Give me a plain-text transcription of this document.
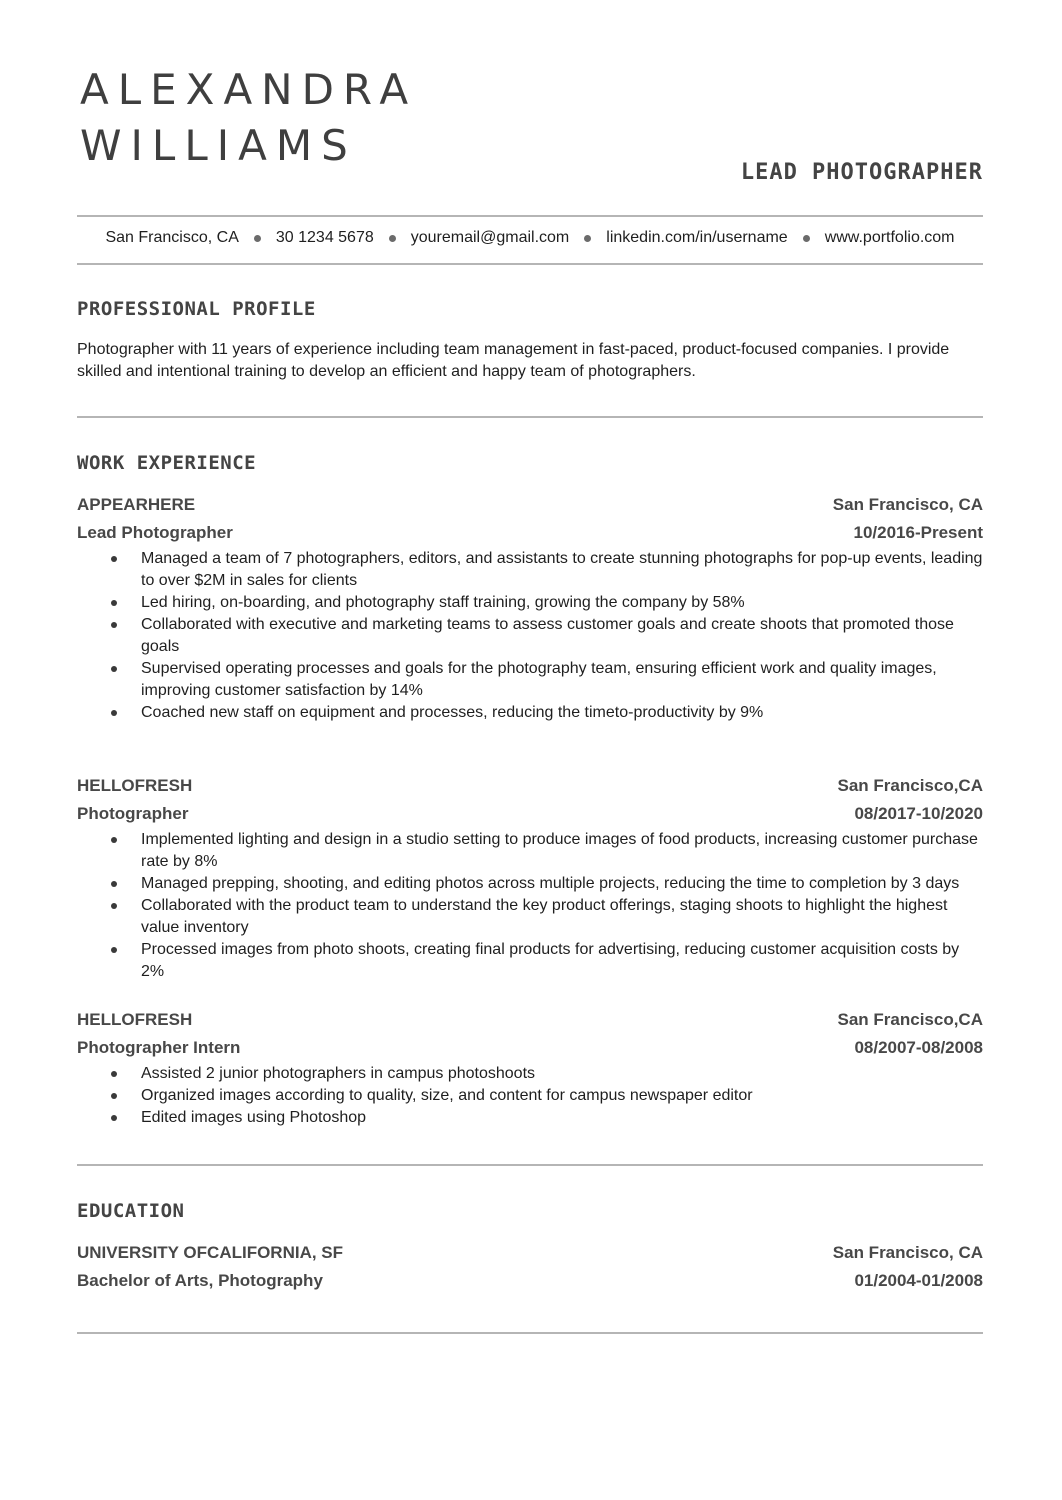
ALEXANDRA
WILLIAMS
LEAD PHOTOGRAPHER
San Francisco, CA 30 1234 5678 youremail@gmail.com linkedin.com/in/username www.portfolio.com
PROFESSIONAL PROFILE

Photographer with 11 years of experience including team management in fast-paced, product-focused companies. I provide skilled and intentional training to develop an efficient and happy team of photographers.

WORK EXPERIENCE
APPEARHERE	San Francisco, CA
Lead Photographer	10/2016-Present
Managed a team of 7 photographers, editors, and assistants to create stunning photographs for pop-up events, leading to over $2M in sales for clients
Led hiring, on-boarding, and photography staff training, growing the company by 58%
Collaborated with executive and marketing teams to assess customer goals and create shoots that promoted those goals
Supervised operating processes and goals for the photography team, ensuring efficient work and quality images, improving customer satisfaction by 14%
Coached new staff on equipment and processes, reducing the timeto-productivity by 9%
HELLOFRESH	San Francisco,CA
Photographer	08/2017-10/2020
Implemented lighting and design in a studio setting to produce images of food products, increasing customer purchase rate by 8%
Managed prepping, shooting, and editing photos across multiple projects, reducing the time to completion by 3 days
Collaborated with the product team to understand the key product offerings, staging shoots to highlight the highest value inventory
Processed images from photo shoots, creating final products for advertising, reducing customer acquisition costs by 2%
HELLOFRESH	San Francisco,CA
Photographer Intern	08/2007-08/2008
Assisted 2 junior photographers in campus photoshoots
Organized images according to quality, size, and content for campus newspaper editor
Edited images using Photoshop
EDUCATION
UNIVERSITY OFCALIFORNIA, SF	San Francisco, CA
Bachelor of Arts, Photography	01/2004-01/2008
